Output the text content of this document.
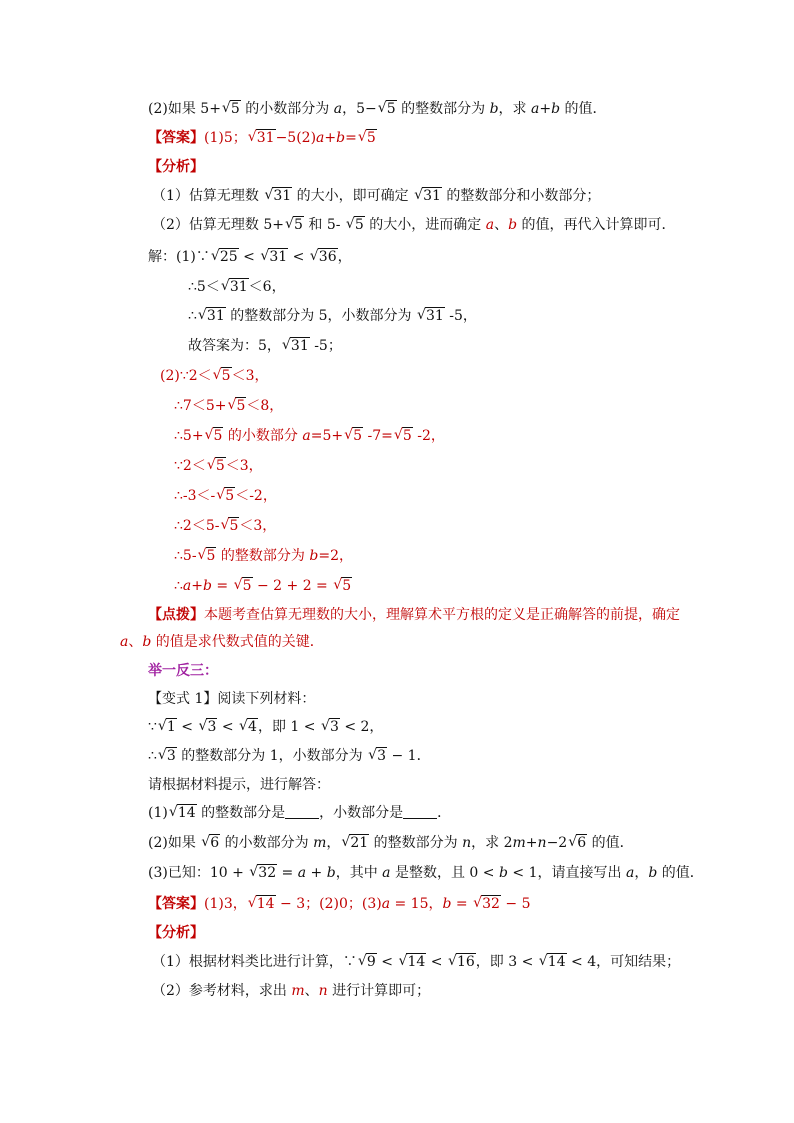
(2)如果 5+ √ 5 的小数部分为 a，5− √ 5 的整数部分为 b，求 a+b 的值．
【答案】(1)5； √ 31−5(2)a+b= √ 5
【分析】
（1）估算无理数 √ 31 的大小，即可确定 √ 31 的整数部分和小数部分；
（2）估算无理数 5+ √ 5 和 5- √ 5 的大小，进而确定 a、b 的值，再代入计算即可．
解：(1)∵ √ 25 < √ 31 < √ 36，
∴5＜ √ 31＜6，
∴ √ 31 的整数部分为 5，小数部分为 √ 31 -5，
故答案为：5， √ 31 -5；
(2)∵2＜ √ 5＜3，
∴7＜5+ √ 5＜8，
∴5+ √ 5 的小数部分 a=5+ √ 5 -7= √ 5 -2，
∵2＜ √ 5＜3，
∴-3＜- √ 5＜-2，
∴2＜5- √ 5＜3，
∴5- √ 5 的整数部分为 b=2，
∴a+b = √ 5 − 2 + 2 = √ 5
【点拨】本题考查估算无理数的大小，理解算术平方根的定义是正确解答的前提，确定
a、b 的值是求代数式值的关键．
举一反三：
【变式 1】阅读下列材料：
∵ √ 1 < √ 3 < √ 4，即 1 < √ 3 < 2，
∴ √ 3 的整数部分为 1，小数部分为 √ 3 − 1．
请根据材料提示，进行解答：
(1) √ 14 的整数部分是 ，小数部分是 ．
(2)如果 √ 6 的小数部分为 m， √ 21 的整数部分为 n，求 2m+n−2 √ 6 的值．
(3)已知：10 + √ 32 = a + b，其中 a 是整数，且 0 < b < 1，请直接写出 a，b 的值．
【答案】(1)3， √ 14 − 3；(2)0；(3)a = 15，b = √ 32 − 5
【分析】
（1）根据材料类比进行计算，∵ √ 9 < √ 14 < √ 16，即 3 < √ 14 < 4，可知结果；
（2）参考材料，求出 m、n 进行计算即可；
